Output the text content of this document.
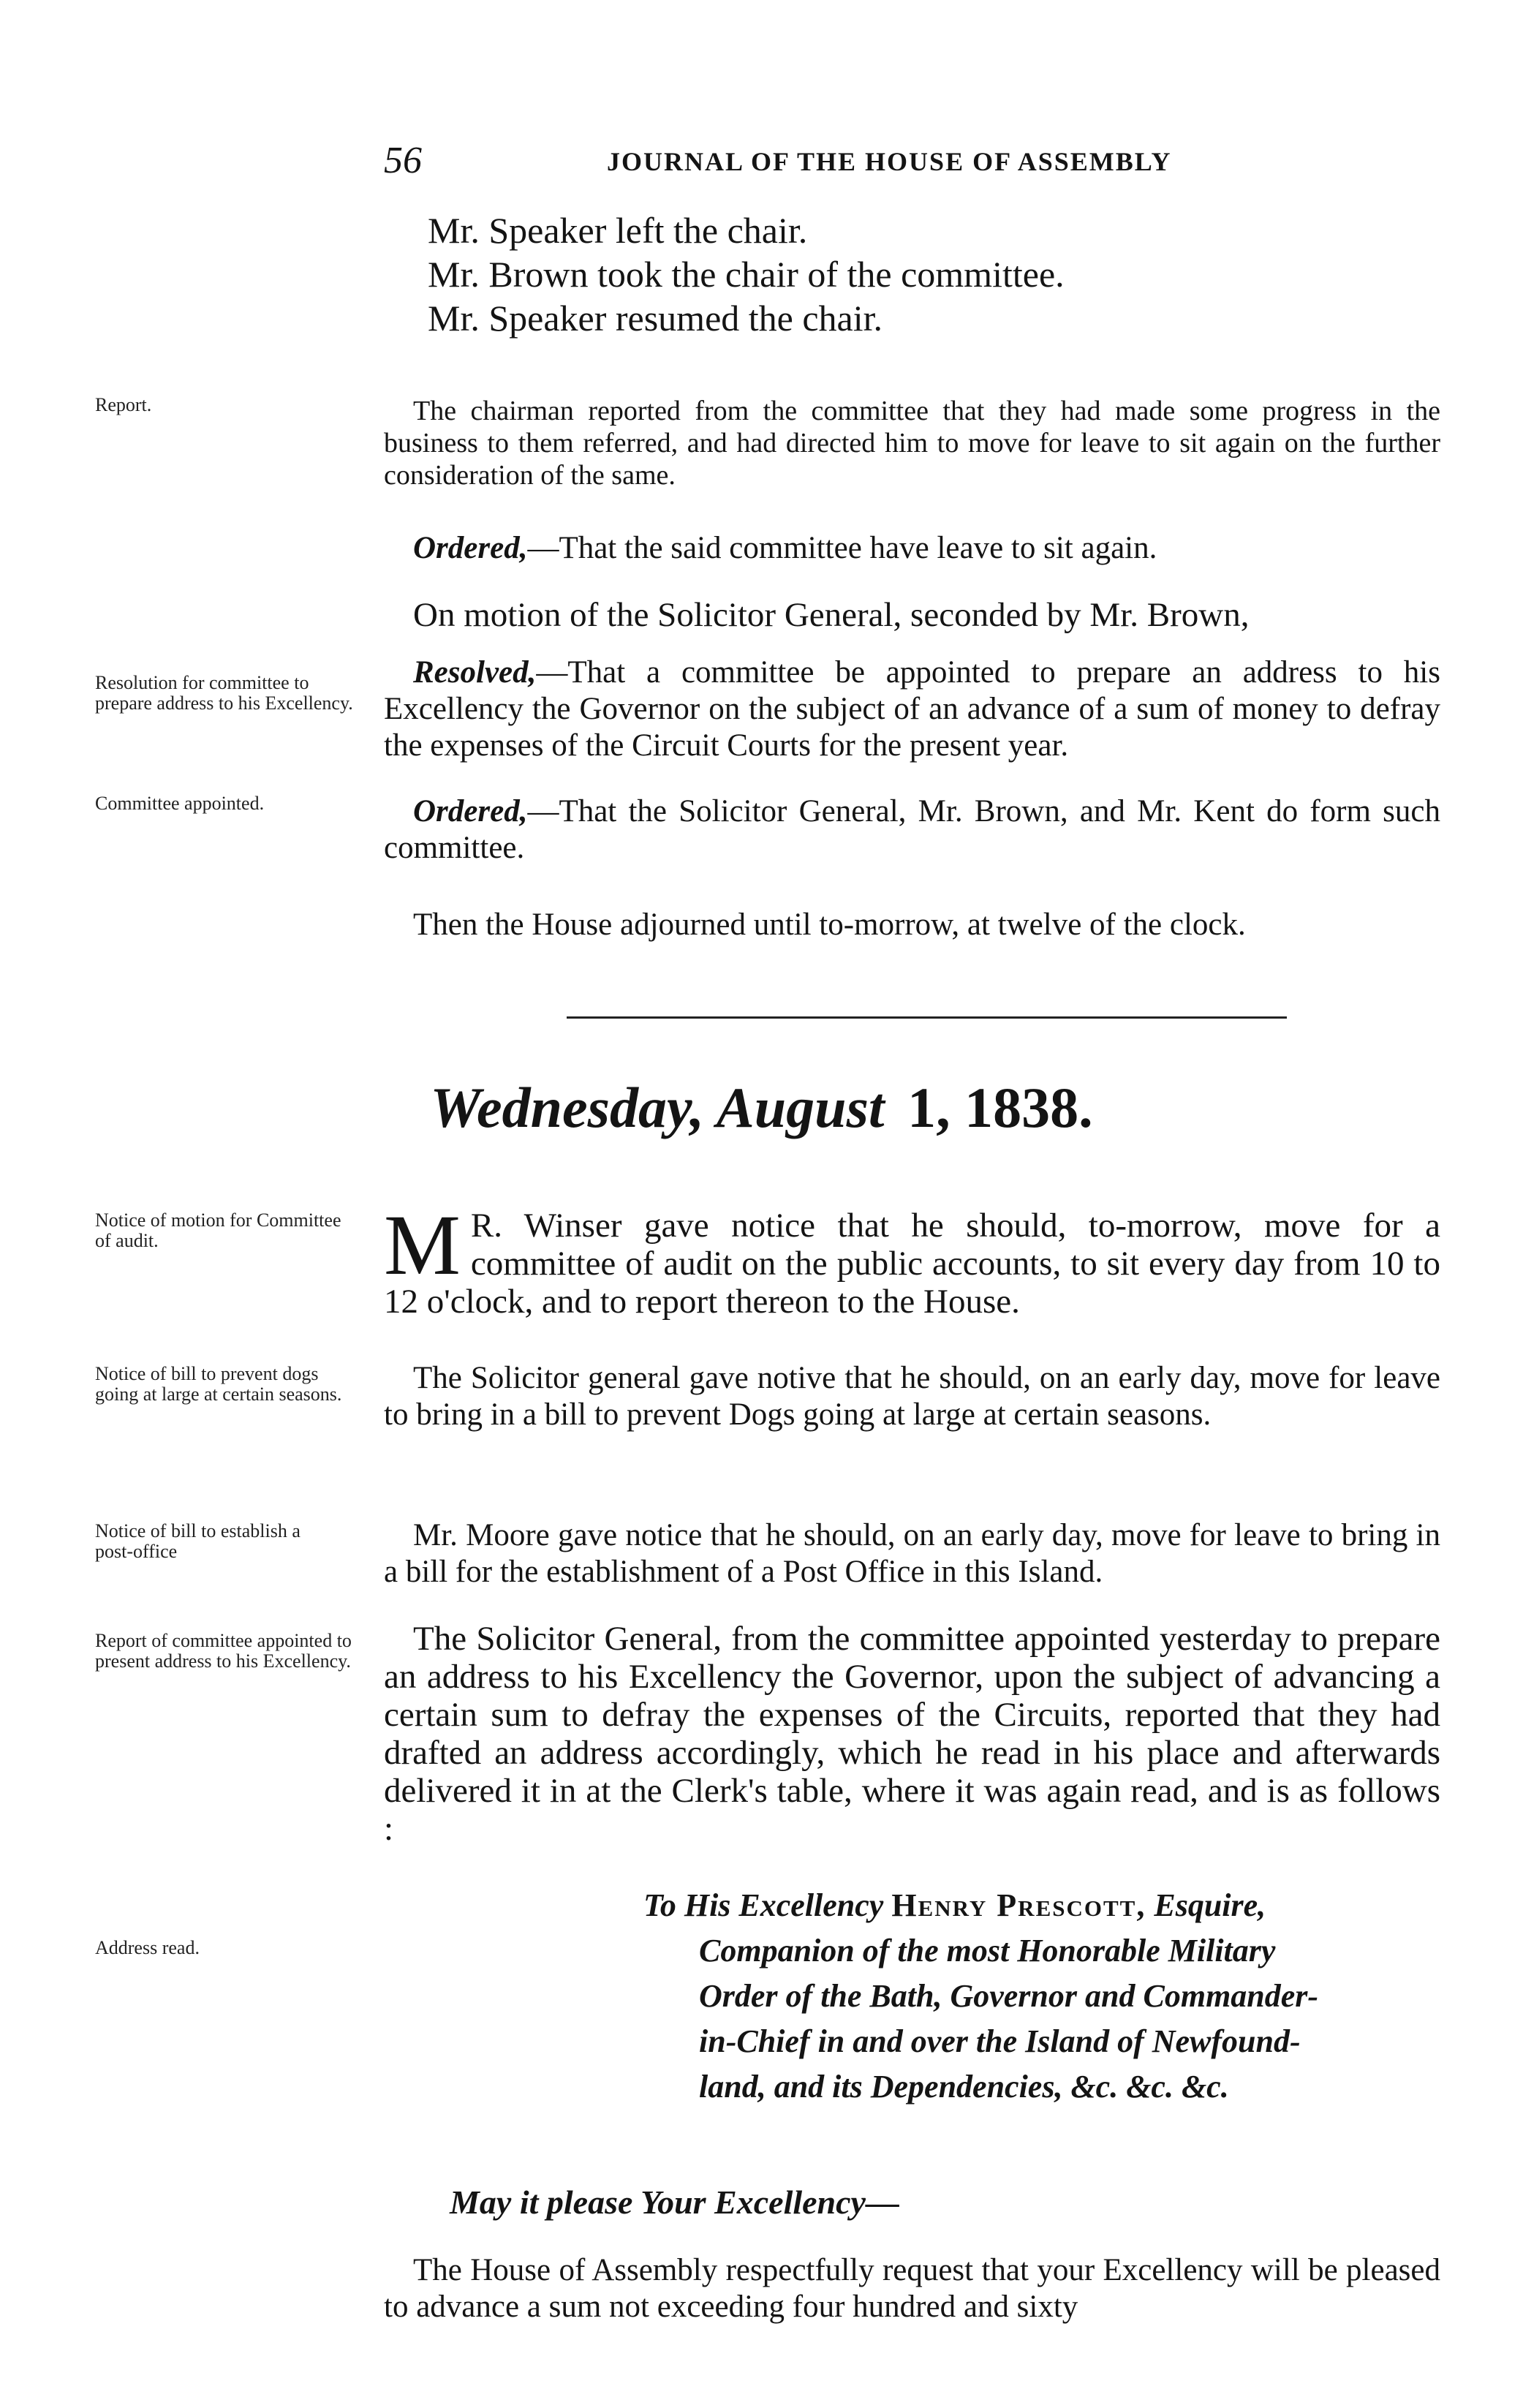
56	JOURNAL OF THE HOUSE OF ASSEMBLY
Report.
Resolution for committee to prepare address to his Excellency.
Committee appointed.
Notice of motion for Committee of audit.
Notice of bill to prevent dogs going at large at certain seasons.
Notice of bill to establish a post-office
Report of committee appointed to present address to his Excellency.
Address read.

Mr. Speaker left the chair.

Mr. Brown took the chair of the committee.

Mr. Speaker resumed the chair.

The chairman reported from the committee that they had made some progress in the business to them referred, and had directed him to move for leave to sit again on the further consideration of the same.

Ordered,—That the said committee have leave to sit again.

On motion of the Solicitor General, seconded by Mr. Brown,

Resolved,—That a committee be appointed to prepare an address to his Excellency the Governor on the subject of an advance of a sum of money to defray the expenses of the Circuit Courts for the present year.

Ordered,—That the Solicitor General, Mr. Brown, and Mr. Kent do form such committee.

Then the House adjourned until to-morrow, at twelve of the clock.

Wednesday, August 1, 1838.

M R. Winser gave notice that he should, to-morrow, move for a committee of audit on the public accounts, to sit every day from 10 to 12 o'clock, and to report thereon to the House.

The Solicitor general gave notive that he should, on an early day, move for leave to bring in a bill to prevent Dogs going at large at certain seasons.

Mr. Moore gave notice that he should, on an early day, move for leave to bring in a bill for the establishment of a Post Office in this Island.

The Solicitor General, from the committee appointed yesterday to prepare an address to his Excellency the Governor, upon the subject of advancing a certain sum to defray the expenses of the Circuits, reported that they had drafted an address accordingly, which he read in his place and afterwards delivered it in at the Clerk's table, where it was again read, and is as follows :

To His Excellency Henry Prescott, Esquire,
Companion of the most Honorable Military
Order of the Bath, Governor and Commander-
in-Chief in and over the Island of Newfound-
land, and its Dependencies, &c. &c. &c.
May it please Your Excellency—

The House of Assembly respectfully request that your Excellency will be pleased to advance a sum not exceeding four hundred and sixty
